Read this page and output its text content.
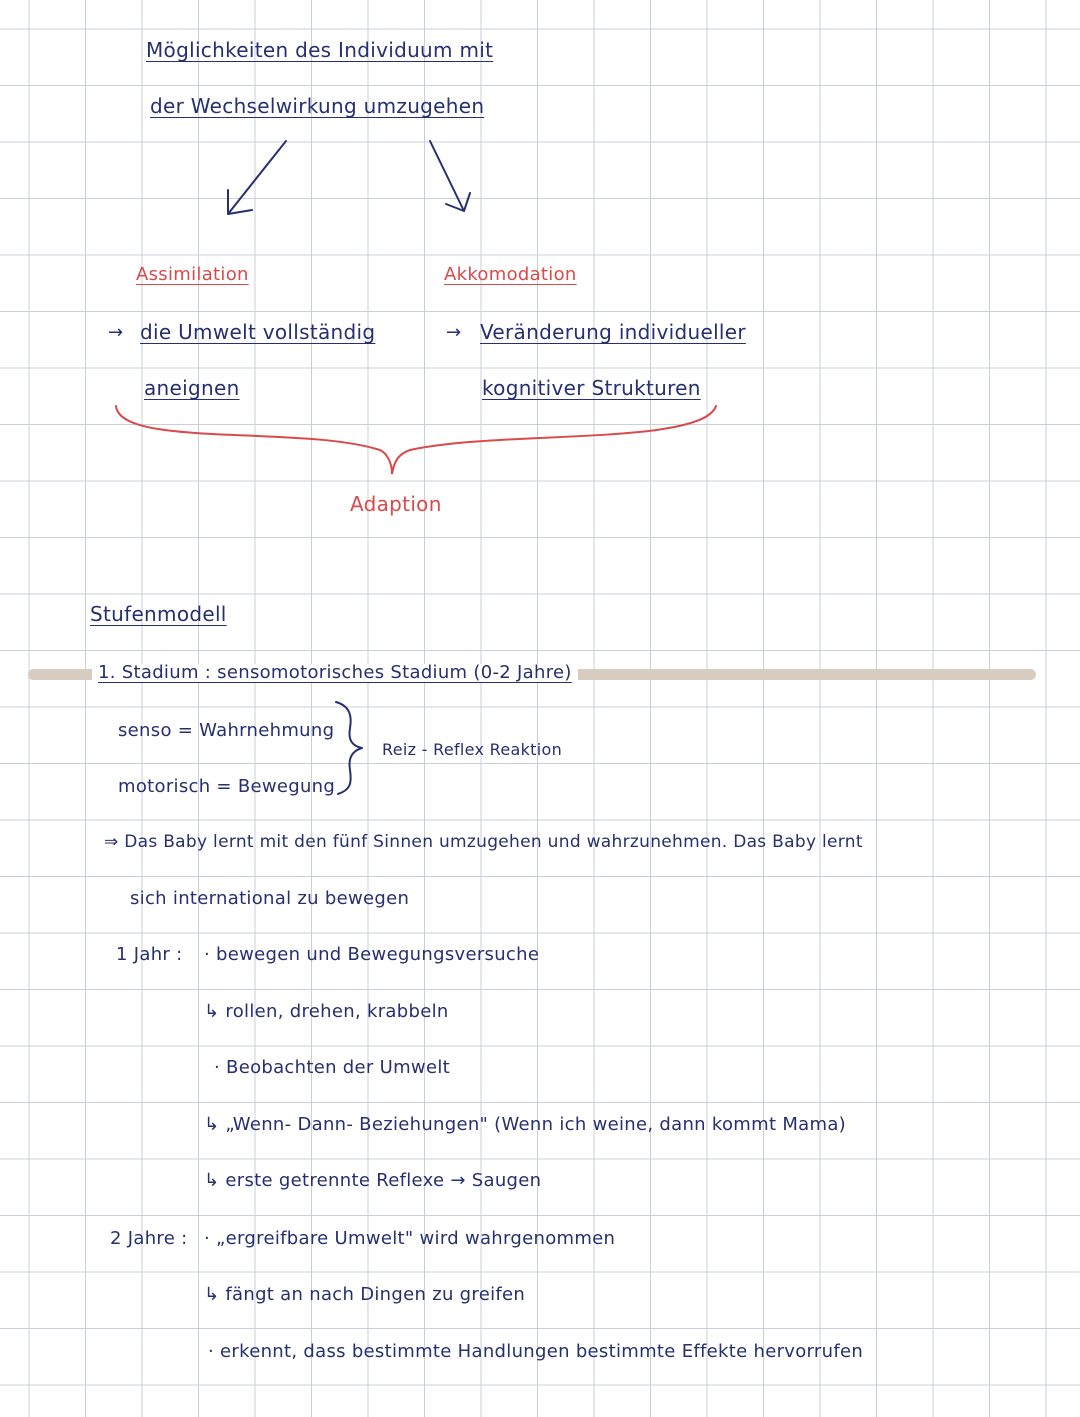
Möglichkeiten des Individuum mit
der Wechselwirkung umzugehen
Assimilation
→ die Umwelt vollständig
aneignen
Akkomodation
→ Veränderung individueller
kognitiver Strukturen
Adaption
Stufenmodell
1. Stadium : sensomotorisches Stadium (0-2 Jahre)
senso = Wahrnehmung
motorisch = Bewegung
Reiz - Reflex Reaktion
⇒ Das Baby lernt mit den fünf Sinnen umzugehen und wahrzunehmen. Das Baby lernt
sich international zu bewegen
1 Jahr : · bewegen und Bewegungsversuche
↳ rollen, drehen, krabbeln
· Beobachten der Umwelt
↳ „Wenn- Dann- Beziehungen" (Wenn ich weine, dann kommt Mama)
↳ erste getrennte Reflexe → Saugen
2 Jahre : · „ergreifbare Umwelt" wird wahrgenommen
↳ fängt an nach Dingen zu greifen
· erkennt, dass bestimmte Handlungen bestimmte Effekte hervorrufen
